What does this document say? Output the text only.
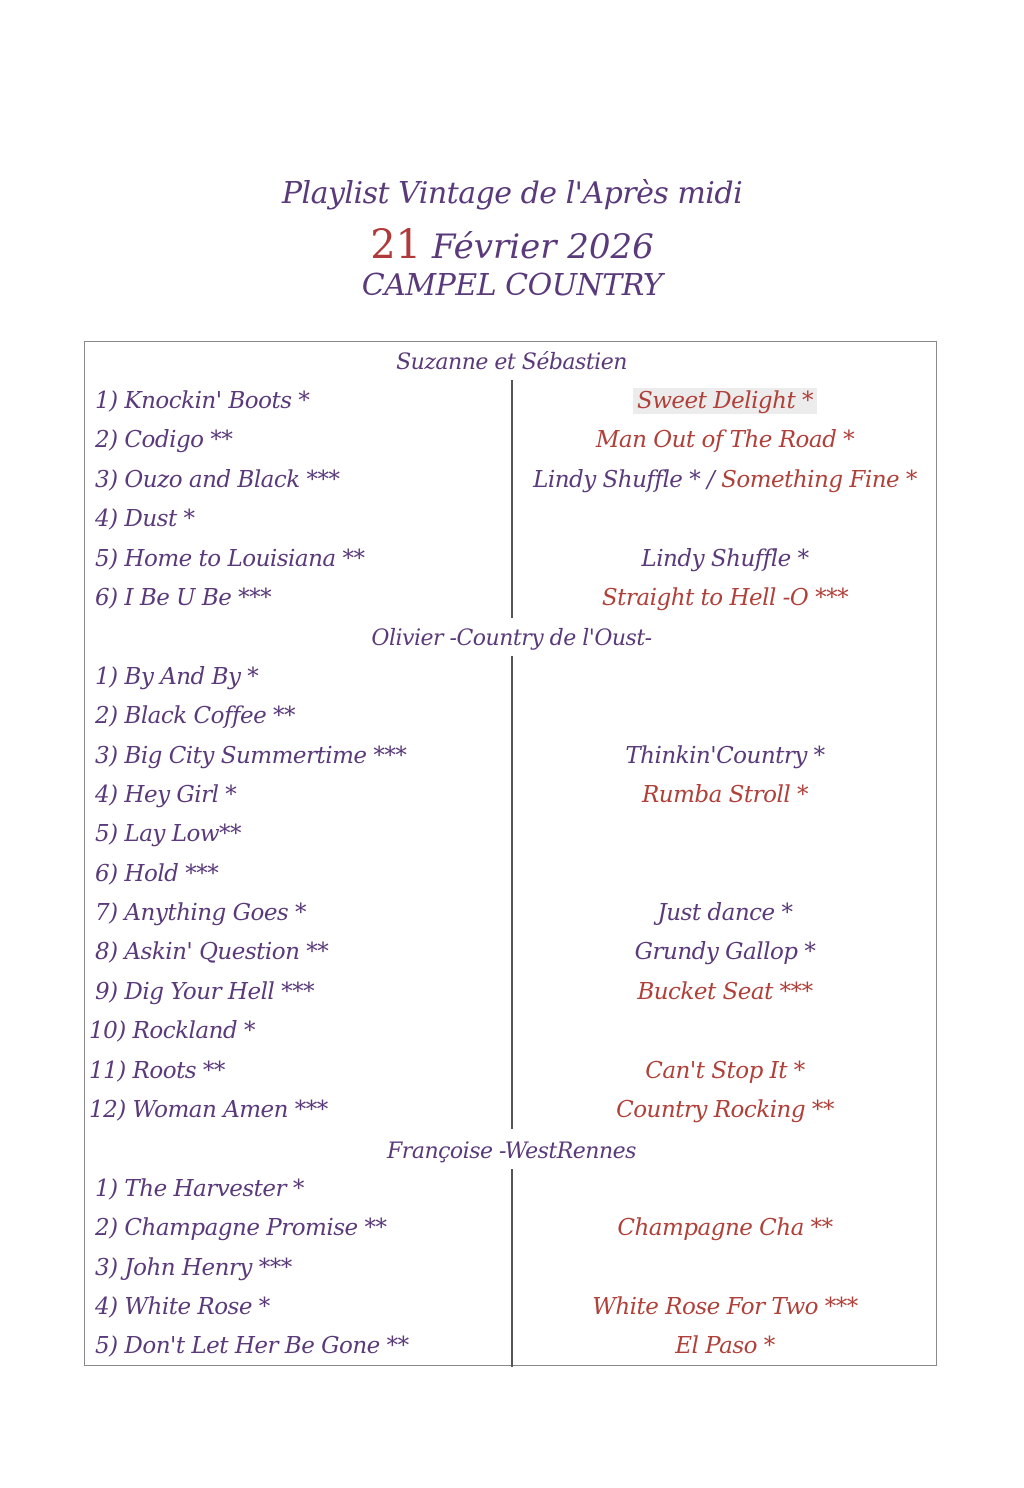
Playlist Vintage de l'Après midi
21 Février 2026
CAMPEL COUNTRY
Suzanne et Sébastien
1) Knockin' Boots *
2) Codigo **
3) Ouzo and Black ***
4) Dust *
5) Home to Louisiana **
6) I Be U Be ***
Sweet Delight *
Man Out of The Road *
Lindy Shuffle * / Something Fine *
Lindy Shuffle *
Straight to Hell -O ***
Olivier -Country de l'Oust-
1) By And By *
2) Black Coffee **
3) Big City Summertime ***
4) Hey Girl *
5) Lay Low**
6) Hold ***
7) Anything Goes *
8) Askin' Question **
9) Dig Your Hell ***
10) Rockland *
11) Roots **
12) Woman Amen ***
Thinkin'Country *
Rumba Stroll *
Just dance *
Grundy Gallop *
Bucket Seat ***
Can't Stop It *
Country Rocking **
Françoise -WestRennes
1) The Harvester *
2) Champagne Promise **
3) John Henry ***
4) White Rose *
5) Don't Let Her Be Gone **
Champagne Cha **
White Rose For Two ***
El Paso *
